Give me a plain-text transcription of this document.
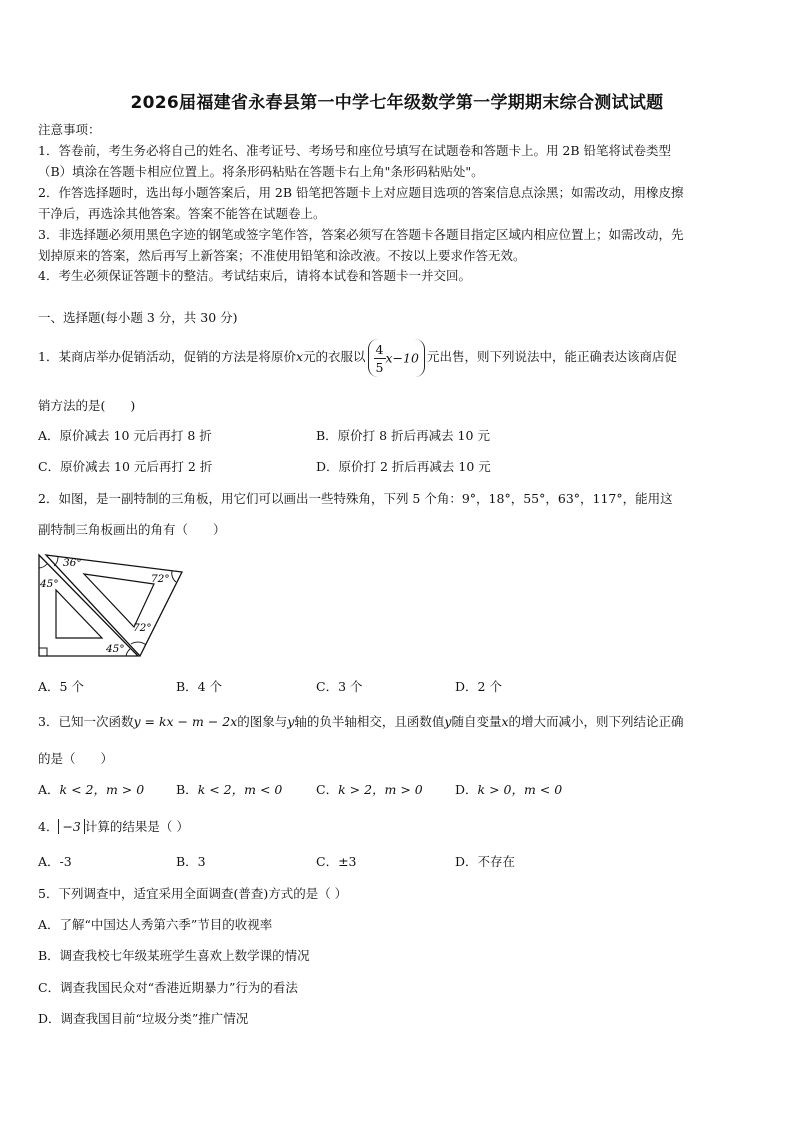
2026届福建省永春县第一中学七年级数学第一学期期末综合测试试题
注意事项：
1．答卷前，考生务必将自己的姓名、准考证号、考场号和座位号填写在试题卷和答题卡上。用 2B 铅笔将试卷类型
（B）填涂在答题卡相应位置上。将条形码粘贴在答题卡右上角"条形码粘贴处"。
2．作答选择题时，选出每小题答案后，用 2B 铅笔把答题卡上对应题目选项的答案信息点涂黑；如需改动，用橡皮擦
干净后，再选涂其他答案。答案不能答在试题卷上。
3．非选择题必须用黑色字迹的钢笔或签字笔作答，答案必须写在答题卡各题目指定区域内相应位置上；如需改动，先
划掉原来的答案，然后再写上新答案；不准使用铅笔和涂改液。不按以上要求作答无效。
4．考生必须保证答题卡的整洁。考试结束后，请将本试卷和答题卡一并交回。
一、选择题(每小题 3 分，共 30 分)
1．某商店举办促销活动，促销的方法是将原价x元的衣服以 $\frac{4}{5} x-10$ 元出售，则下列说法中，能正确表达该商店促
销方法的是(　　)
A．原价减去 10 元后再打 8 折	B．原价打 8 折后再减去 10 元
C．原价减去 10 元后再打 2 折	D．原价打 2 折后再减去 10 元
2．如图，是一副特制的三角板，用它们可以画出一些特殊角，下列 5 个角：9°，18°，55°，63°，117°，能用这
副特制三角板画出的角有（　　）
36°
45°	72°
72°
45°
A．5 个	B．4 个	C．3 个	D．2 个
3．已知一次函数y = kx − m − 2x的图象与y轴的负半轴相交，且函数值y随自变量x的增大而减小，则下列结论正确
的是（　　）
A．k < 2，m > 0	B．k < 2，m < 0	C．k > 2，m > 0	D．k > 0，m < 0
4． −3 计算的结果是（ ）
A．-3	B．3	C．±3	D．不存在
5．下列调查中，适宜采用全面调查(普查)方式的是（ ）
A．了解“中国达人秀第六季”节目的收视率
B．调查我校七年级某班学生喜欢上数学课的情况
C．调查我国民众对“香港近期暴力”行为的看法
D．调查我国目前“垃圾分类”推广情况
